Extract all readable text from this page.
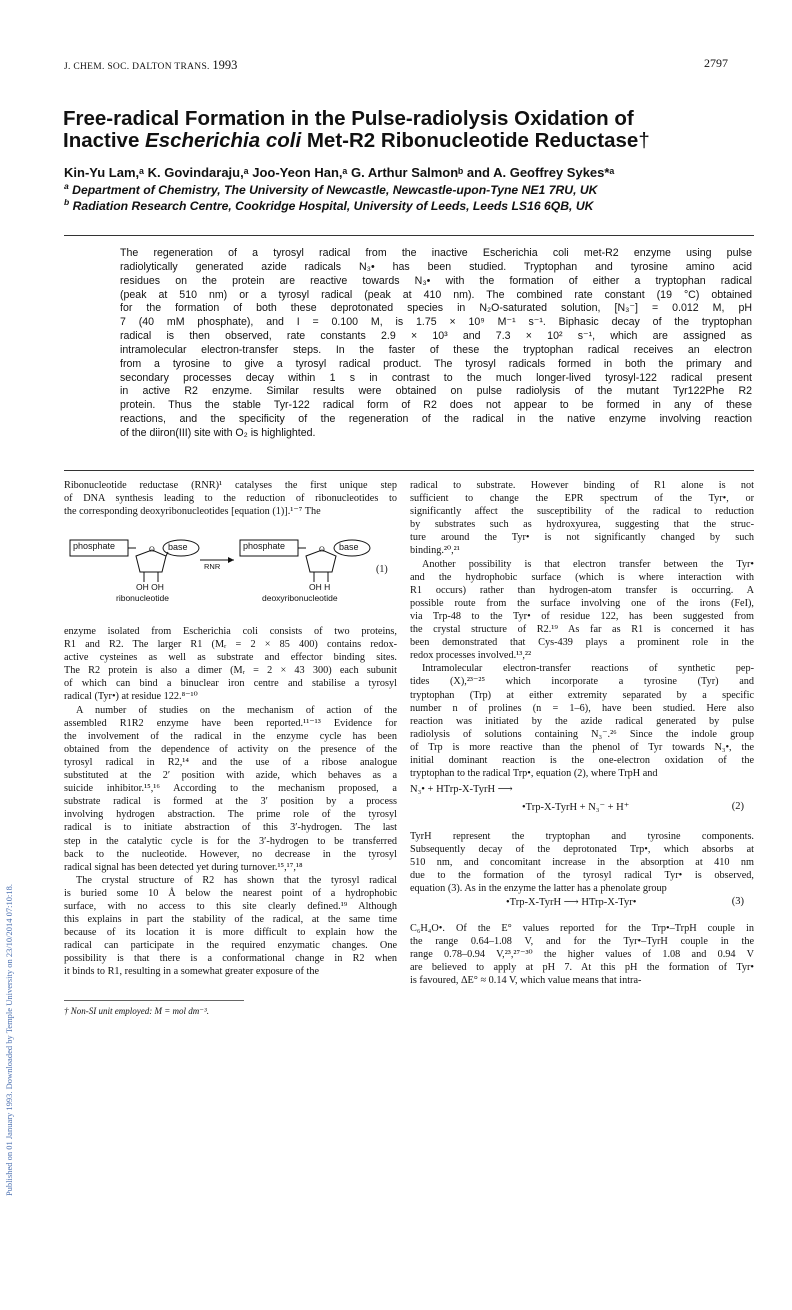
J. CHEM. SOC. DALTON TRANS. 1993	2797
Published on 01 January 1993. Downloaded by Temple University on 23/10/2014 07:10:18.
Free-radical Formation in the Pulse-radiolysis Oxidation of
Inactive Escherichia coli Met-R2 Ribonucleotide Reductase†
Kin-Yu Lam,ᵃ K. Govindaraju,ᵃ Joo-Yeon Han,ᵃ G. Arthur Salmonᵇ and A. Geoffrey Sykes*ᵃ
$^a$ Department of Chemistry, The University of Newcastle, Newcastle-upon-Tyne NE1 7RU, UK
$^b$ Radiation Research Centre, Cookridge Hospital, University of Leeds, Leeds LS16 6QB, UK
The regeneration of a tyrosyl radical from the inactive Escherichia coli met-R2 enzyme using pulse
radiolytically generated azide radicals N₃• has been studied. Tryptophan and tyrosine amino acid
residues on the protein are reactive towards N₃• with the formation of either a tryptophan radical
(peak at 510 nm) or a tyrosyl radical (peak at 410 nm). The combined rate constant (19 °C) obtained
for the formation of both these deprotonated species in N₂O-saturated solution, [N₃⁻] = 0.012 M, pH
7 (40 mM phosphate), and I = 0.100 M, is 1.75 × 10⁹ M⁻¹ s⁻¹. Biphasic decay of the tryptophan
radical is then observed, rate constants 2.9 × 10³ and 7.3 × 10² s⁻¹, which are assigned as
intramolecular electron-transfer steps. In the faster of these the tryptophan radical receives an electron
from a tyrosine to give a tyrosyl radical product. The tyrosyl radicals formed in both the primary and
secondary processes decay within 1 s in contrast to the much longer-lived tyrosyl-122 radical present
in active R2 enzyme. Similar results were obtained on pulse radiolysis of the mutant Tyr122Phe R2
protein. Thus the stable Tyr-122 radical form of R2 does not appear to be formed in any of these
reactions, and the specificity of the regeneration of the radical in the native enzyme involving reaction
of the diiron(III) site with O₂ is highlighted.
Ribonucleotide reductase (RNR)¹ catalyses the first unique step
of DNA synthesis leading to the reduction of ribonucleotides to
the corresponding deoxyribonucleotides [equation (1)].¹⁻⁷ The
phosphate	O base
RNR
phosphate	O base
OH OH	OH H
ribonucleotide	deoxyribonucleotide
(1)
enzyme isolated from Escherichia coli consists of two proteins,
R1 and R2. The larger R1 (Mᵣ = 2 × 85 400) contains redox-
active cysteines as well as substrate and effector binding sites.
The R2 protein is also a dimer (Mᵣ = 2 × 43 300) each subunit
of which can bind a binuclear iron centre and stabilise a tyrosyl
radical (Tyr•) at residue 122.⁸⁻¹⁰
A number of studies on the mechanism of action of the
assembled R1R2 enzyme have been reported.¹¹⁻¹³ Evidence for
the involvement of the radical in the enzyme cycle has been
obtained from the dependence of activity on the presence of the
tyrosyl radical in R2,¹⁴ and the use of a ribose analogue
substituted at the 2′ position with azide, which behaves as a
suicide inhibitor.¹⁵,¹⁶ According to the mechanism proposed, a
substrate radical is formed at the 3′ position by a process
involving hydrogen abstraction. The prime role of the tyrosyl
radical is to initiate abstraction of this 3′-hydrogen. The last
step in the catalytic cycle is for the 3′-hydrogen to be transferred
back to the nucleotide. However, no decrease in the tyrosyl
radical signal has been detected yet during turnover.¹⁵,¹⁷,¹⁸
The crystal structure of R2 has shown that the tyrosyl radical
is buried some 10 Å below the nearest point of a hydrophobic
surface, with no access to this site clearly defined.¹⁹ Although
this explains in part the stability of the radical, at the same time
because of its location it is more difficult to explain how the
radical can participate in the required enzymatic changes. One
possibility is that there is a conformational change in R2 when
it binds to R1, resulting in a somewhat greater exposure of the
† Non-SI unit employed: M = mol dm⁻³.
radical to substrate. However binding of R1 alone is not
sufficient to change the EPR spectrum of the Tyr•, or
significantly affect the susceptibility of the radical to reduction
by substrates such as hydroxyurea, suggesting that the struc-
ture around the Tyr• is not significantly changed by such
binding.²⁰,²¹
Another possibility is that electron transfer between the Tyr•
and the hydrophobic surface (which is where interaction with
R1 occurs) rather than hydrogen-atom transfer is occurring. A
possible route from the surface involving one of the irons (FeI),
via Trp-48 to the Tyr• of residue 122, has been suggested from
the crystal structure of R2.¹⁹ As far as R1 is concerned it has
been demonstrated that Cys-439 plays a prominent role in the
redox processes involved.¹³,²²
Intramolecular electron-transfer reactions of synthetic pep-
tides (X),²³⁻²⁵ which incorporate a tyrosine (Tyr) and
tryptophan (Trp) at either extremity separated by a specific
number n of prolines (n = 1–6), have been studied. Here also
reaction was initiated by the azide radical generated by pulse
radiolysis of solutions containing N₃⁻.²⁶ Since the indole group
of Trp is more reactive than the phenol of Tyr towards N₃•, the
initial dominant reaction is the one-electron oxidation of the
tryptophan to the radical Trp•, equation (2), where TrpH and
N₃• + HTrp-X-TyrH ⟶
•Trp-X-TyrH + N₃⁻ + H⁺	(2)
TyrH represent the tryptophan and tyrosine components.
Subsequently decay of the deprotonated Trp•, which absorbs at
510 nm, and concomitant increase in the absorption at 410 nm
due to the formation of the tyrosyl radical Tyr• is observed,
equation (3). As in the enzyme the latter has a phenolate group
•Trp-X-TyrH ⟶ HTrp-X-Tyr•	(3)
C₆H₄O•. Of the E° values reported for the Trp•–TrpH couple in
the range 0.64–1.08 V, and for the Tyr•–TyrH couple in the
range 0.78–0.94 V,²³,²⁷⁻³⁰ the higher values of 1.08 and 0.94 V
are believed to apply at pH 7. At this pH the formation of Tyr•
is favoured, ΔE° ≈ 0.14 V, which value means that intra-
